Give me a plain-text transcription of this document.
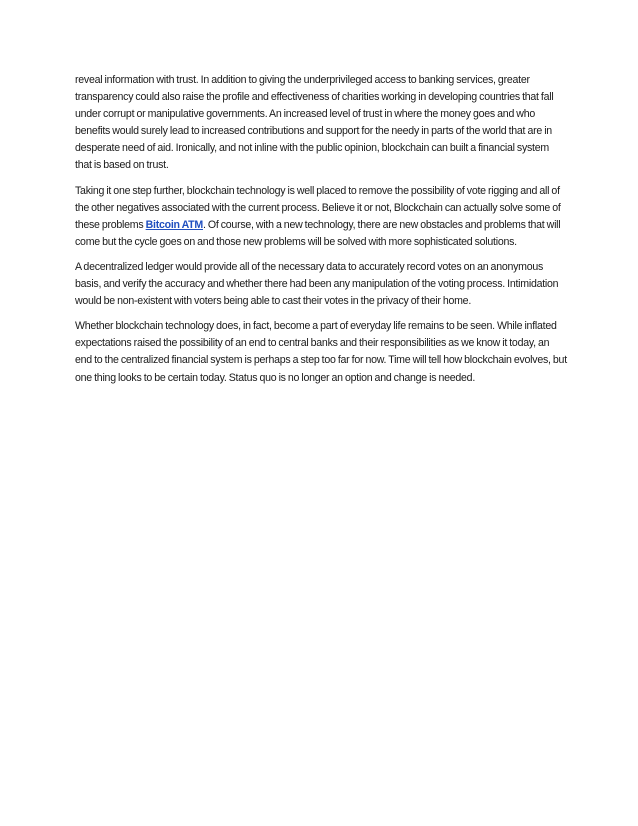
reveal information with trust. In addition to giving the underprivileged access to banking services, greater transparency could also raise the profile and effectiveness of charities working in developing countries that fall under corrupt or manipulative governments. An increased level of trust in where the money goes and who benefits would surely lead to increased contributions and support for the needy in parts of the world that are in desperate need of aid. Ironically, and not inline with the public opinion, blockchain can built a financial system that is based on trust.

Taking it one step further, blockchain technology is well placed to remove the possibility of vote rigging and all of the other negatives associated with the current process. Believe it or not, Blockchain can actually solve some of these problems Bitcoin ATM. Of course, with a new technology, there are new obstacles and problems that will come but the cycle goes on and those new problems will be solved with more sophisticated solutions.

A decentralized ledger would provide all of the necessary data to accurately record votes on an anonymous basis, and verify the accuracy and whether there had been any manipulation of the voting process. Intimidation would be non-existent with voters being able to cast their votes in the privacy of their home.

Whether blockchain technology does, in fact, become a part of everyday life remains to be seen. While inflated expectations raised the possibility of an end to central banks and their responsibilities as we know it today, an end to the centralized financial system is perhaps a step too far for now. Time will tell how blockchain evolves, but one thing looks to be certain today. Status quo is no longer an option and change is needed.
